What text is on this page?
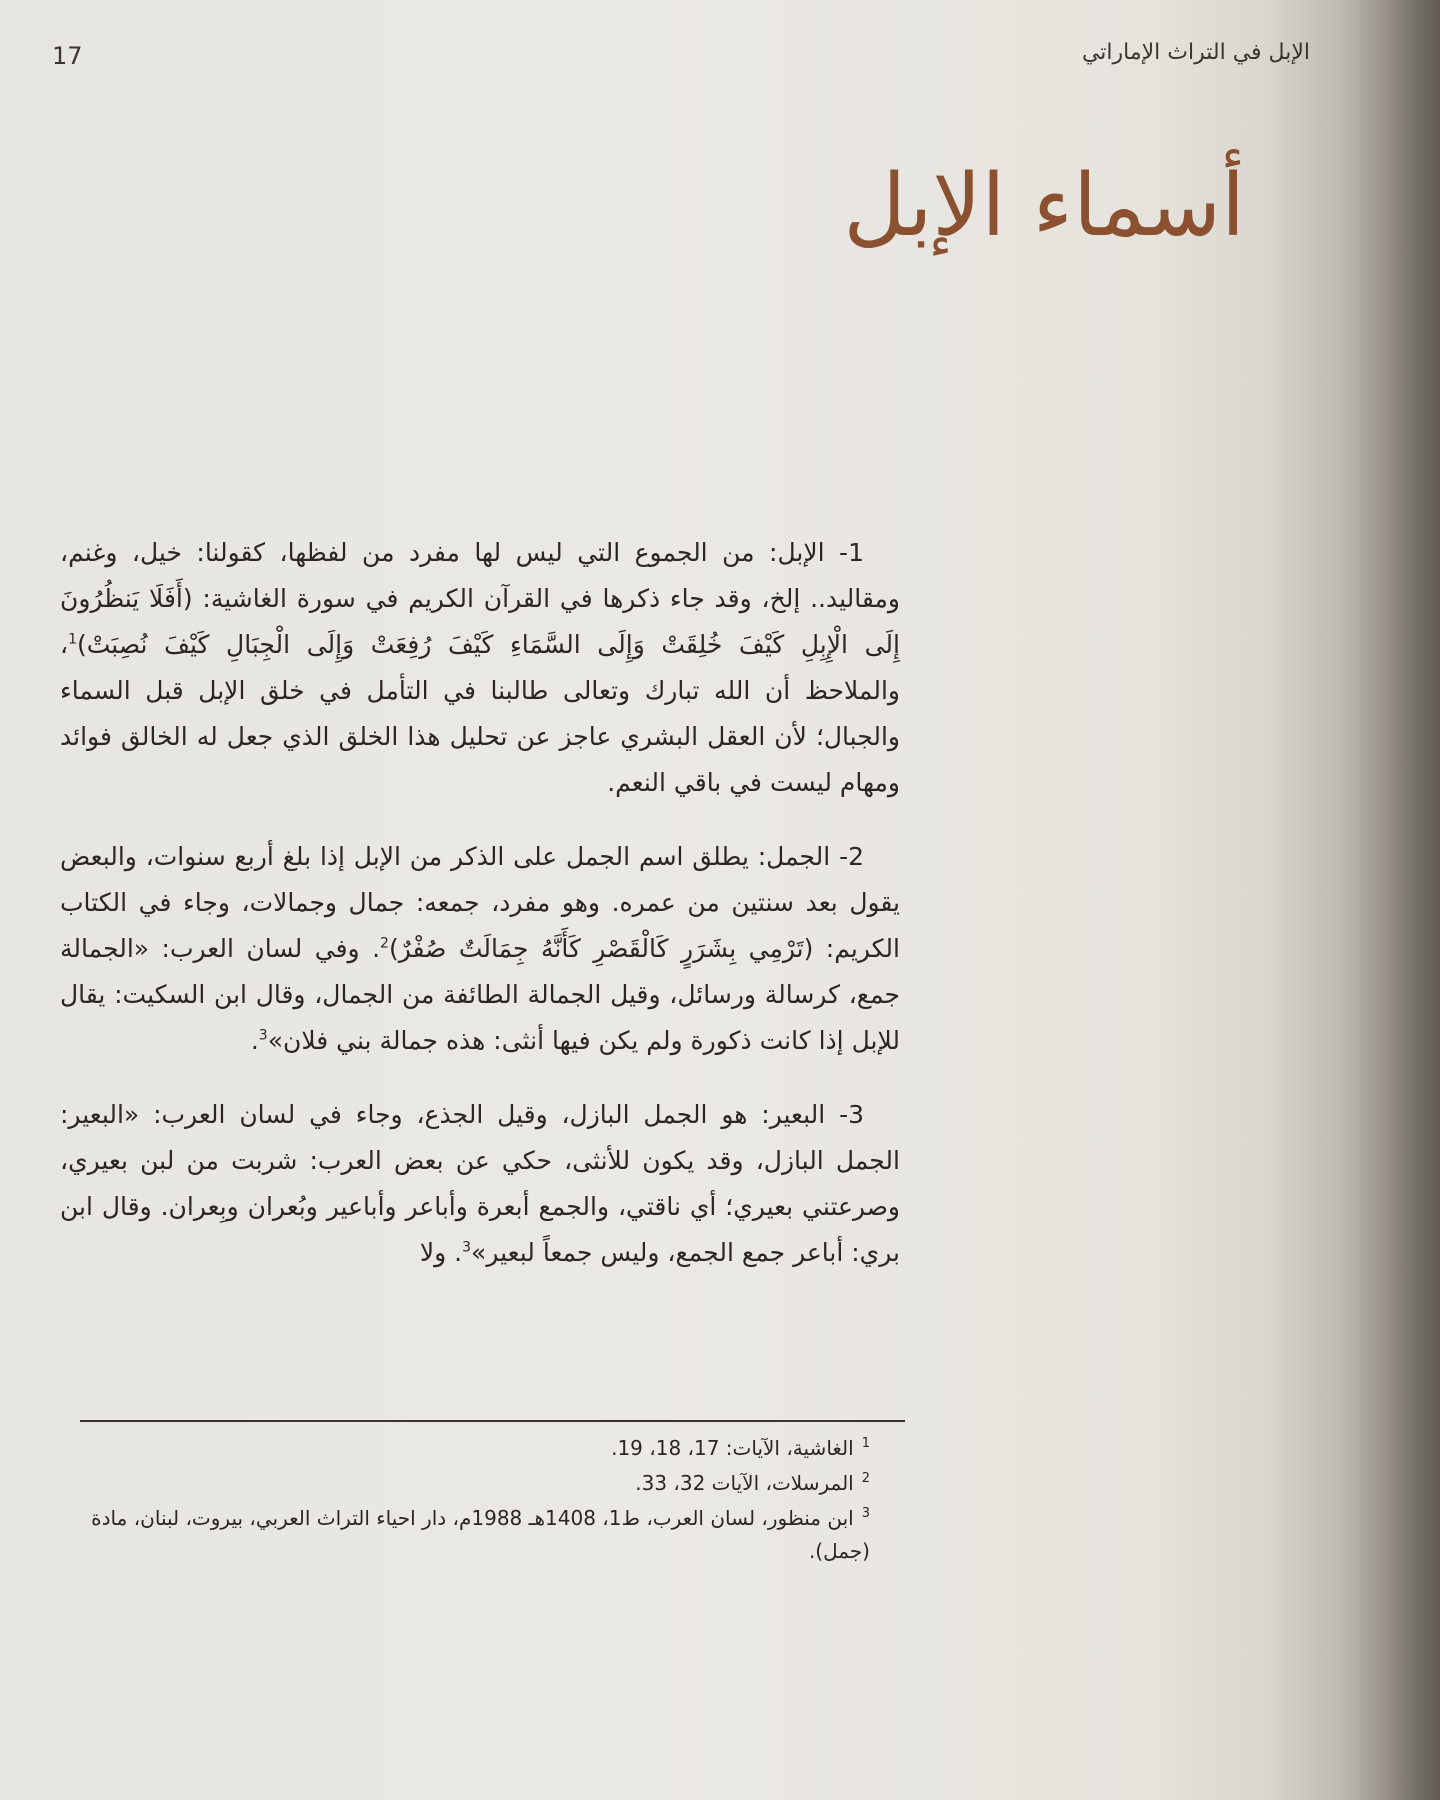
الإبل في التراث الإماراتي
17
أسماء الإبل

1- الإبل: من الجموع التي ليس لها مفرد من لفظها، كقولنا: خيل، وغنم، ومقاليد.. إلخ، وقد جاء ذكرها في القرآن الكريم في سورة الغاشية: (أَفَلَا يَنظُرُونَ إِلَى الْإِبِلِ كَيْفَ خُلِقَتْ وَإِلَى السَّمَاءِ كَيْفَ رُفِعَتْ وَإِلَى الْجِبَالِ كَيْفَ نُصِبَتْ)$^1$، والملاحظ أن الله تبارك وتعالى طالبنا في التأمل في خلق الإبل قبل السماء والجبال؛ لأن العقل البشري عاجز عن تحليل هذا الخلق الذي جعل له الخالق فوائد ومهام ليست في باقي النعم.

2- الجمل: يطلق اسم الجمل على الذكر من الإبل إذا بلغ أربع سنوات، والبعض يقول بعد سنتين من عمره. وهو مفرد، جمعه: جمال وجمالات، وجاء في الكتاب الكريم: (تَرْمِي بِشَرَرٍ كَالْقَصْرِ كَأَنَّهُ جِمَالَتٌ صُفْرٌ)$^2$. وفي لسان العرب: «الجمالة جمع، كرسالة ورسائل، وقيل الجمالة الطائفة من الجمال، وقال ابن السكيت: يقال للإبل إذا كانت ذكورة ولم يكن فيها أنثى: هذه جمالة بني فلان»$^3$.

3- البعير: هو الجمل البازل، وقيل الجذع، وجاء في لسان العرب: «البعير: الجمل البازل، وقد يكون للأنثى، حكي عن بعض العرب: شربت من لبن بعيري، وصرعتني بعيري؛ أي ناقتي، والجمع أبعرة وأباعر وأباعير وبُعران وبِعران. وقال ابن بري: أباعر جمع الجمع، وليس جمعاً لبعير»$^3$. ولا

$^1$الغاشية، الآيات: 17، 18، 19.
$^2$المرسلات، الآيات 32، 33.
$^3$ابن منظور، لسان العرب، ط1، 1408هـ 1988م، دار احياء التراث العربي، بيروت، لبنان، مادة (جمل).
